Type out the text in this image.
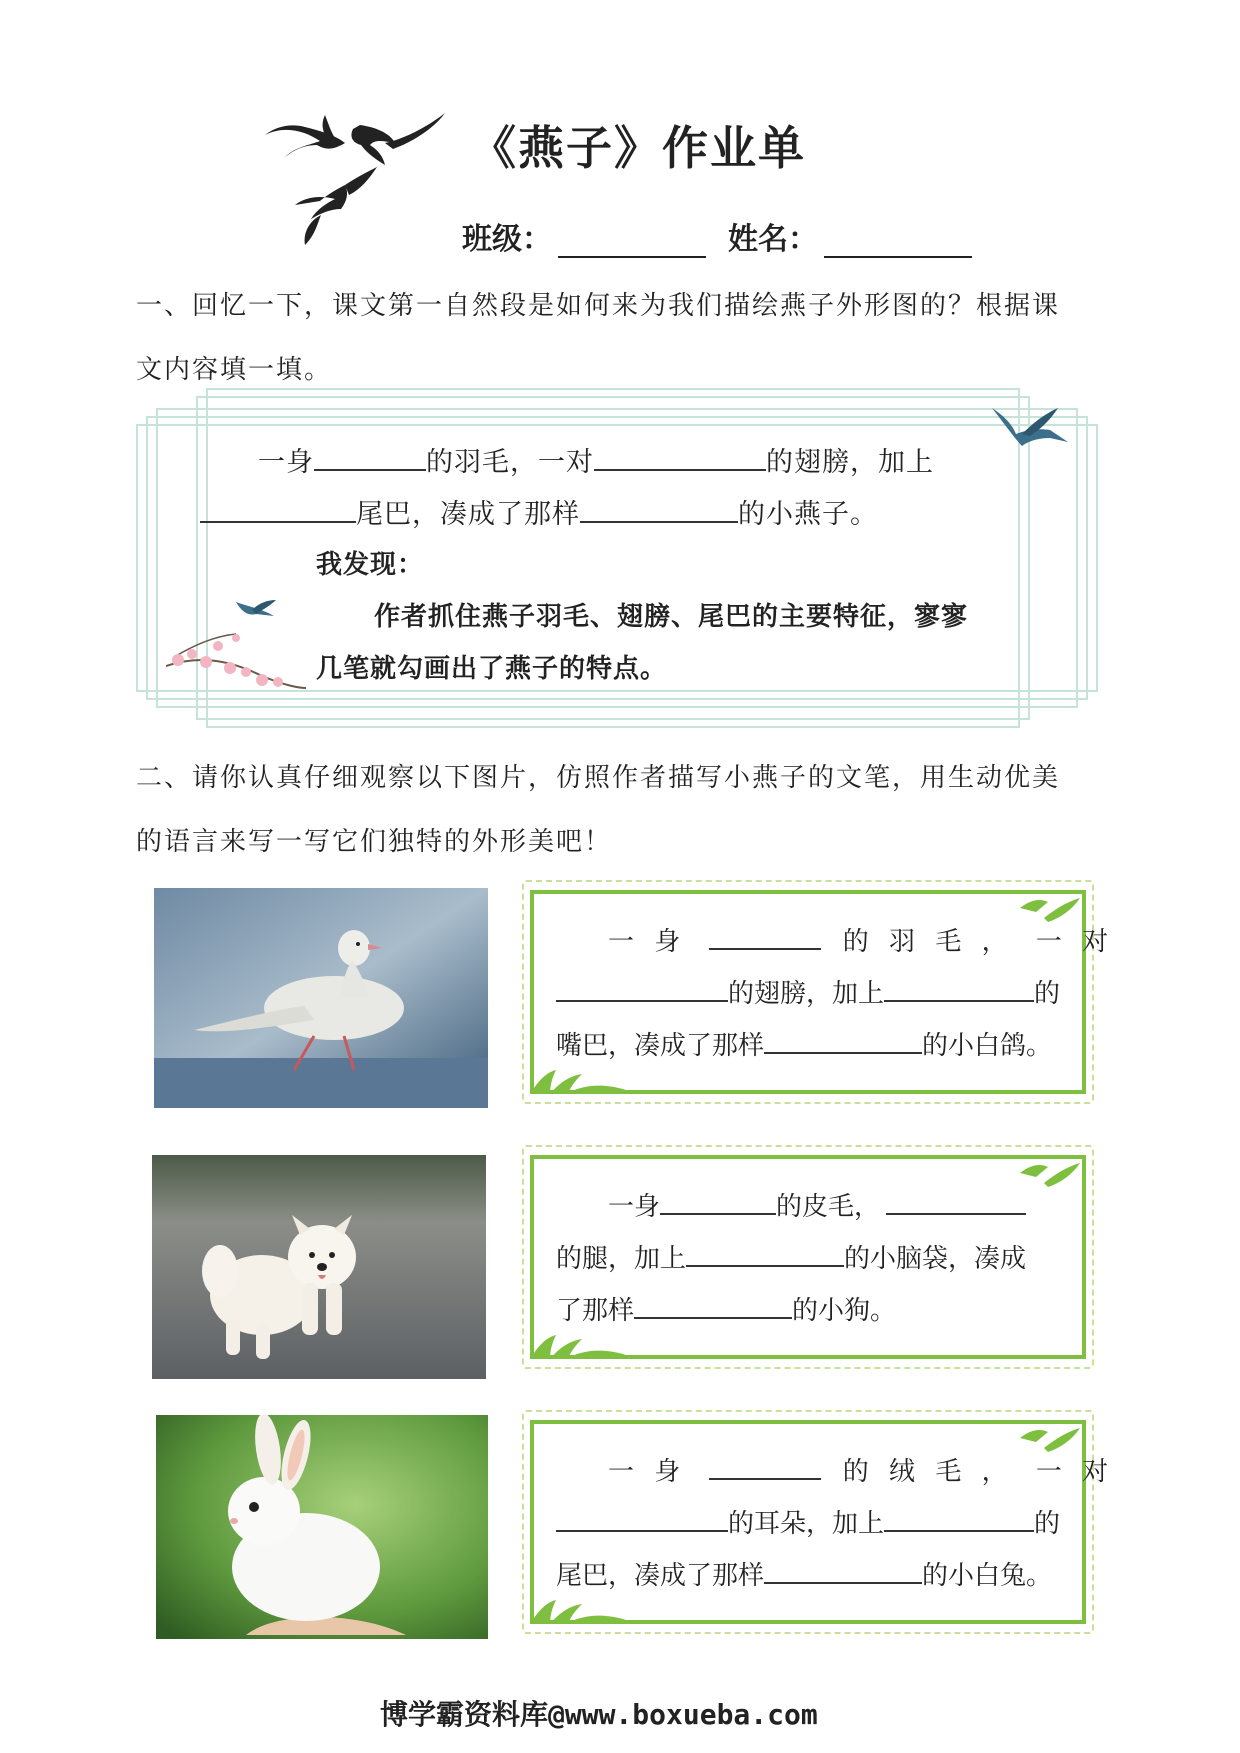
《燕子》作业单
班级：	姓名：
一、回忆一下，课文第一自然段是如何来为我们描绘燕子外形图的？根据课
文内容填一填。
一身	的羽毛，一对	的翅膀，加上
尾巴，凑成了那样	的小燕子。
我发现：
作者抓住燕子羽毛、翅膀、尾巴的主要特征，寥寥
几笔就勾画出了燕子的特点。
二、请你认真仔细观察以下图片，仿照作者描写小燕子的文笔，用生动优美
的语言来写一写它们独特的外形美吧！
一 身	的 羽 毛 ， 一 对
的翅膀，加上	的
嘴巴，凑成了那样	的小白鸽。
一身	的皮毛，
的腿，加上	的小脑袋，凑成
了那样	的小狗。
一 身	的 绒 毛 ， 一 对
的耳朵，加上	的
尾巴，凑成了那样	的小白兔。
博学霸资料库@www.boxueba.com
